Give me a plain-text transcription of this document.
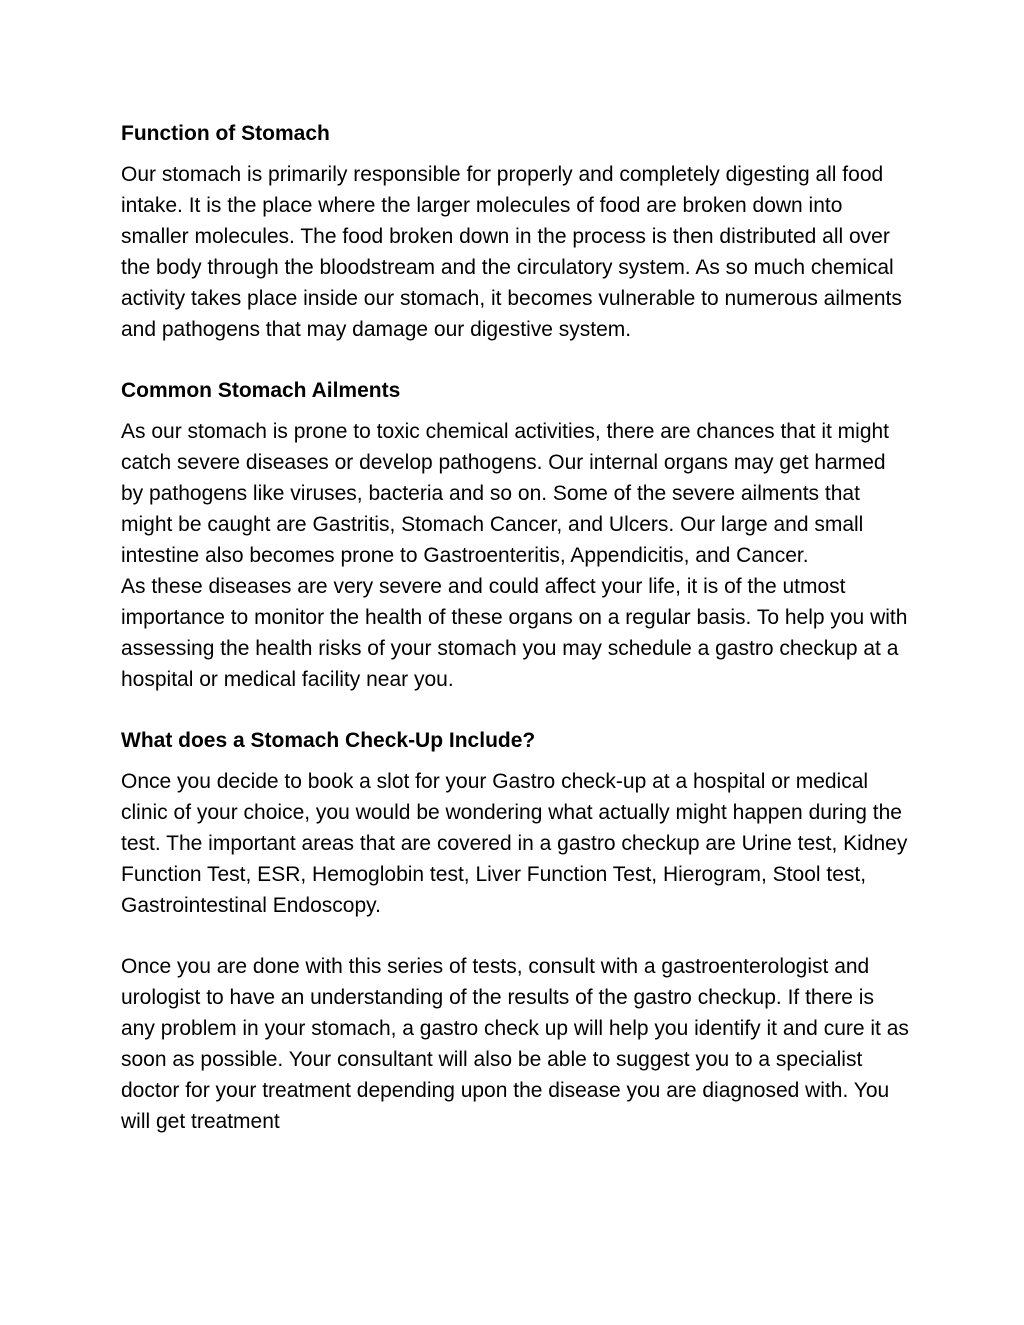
Function of Stomach

Our stomach is primarily responsible for properly and completely digesting all food intake. It is the place where the larger molecules of food are broken down into smaller molecules. The food broken down in the process is then distributed all over the body through the bloodstream and the circulatory system. As so much chemical activity takes place inside our stomach, it becomes vulnerable to numerous ailments and pathogens that may damage our digestive system.

Common Stomach Ailments

As our stomach is prone to toxic chemical activities, there are chances that it might catch severe diseases or develop pathogens. Our internal organs may get harmed by pathogens like viruses, bacteria and so on. Some of the severe ailments that might be caught are Gastritis, Stomach Cancer, and Ulcers. Our large and small intestine also becomes prone to Gastroenteritis, Appendicitis, and Cancer.

As these diseases are very severe and could affect your life, it is of the utmost importance to monitor the health of these organs on a regular basis. To help you with assessing the health risks of your stomach you may schedule a gastro checkup at a hospital or medical facility near you.

What does a Stomach Check-Up Include?

Once you decide to book a slot for your Gastro check-up at a hospital or medical clinic of your choice, you would be wondering what actually might happen during the test. The important areas that are covered in a gastro checkup are Urine test, Kidney Function Test, ESR, Hemoglobin test, Liver Function Test, Hierogram, Stool test, Gastrointestinal Endoscopy.

Once you are done with this series of tests, consult with a gastroenterologist and urologist to have an understanding of the results of the gastro checkup. If there is any problem in your stomach, a gastro check up will help you identify it and cure it as soon as possible. Your consultant will also be able to suggest you to a specialist doctor for your treatment depending upon the disease you are diagnosed with. You will get treatment
